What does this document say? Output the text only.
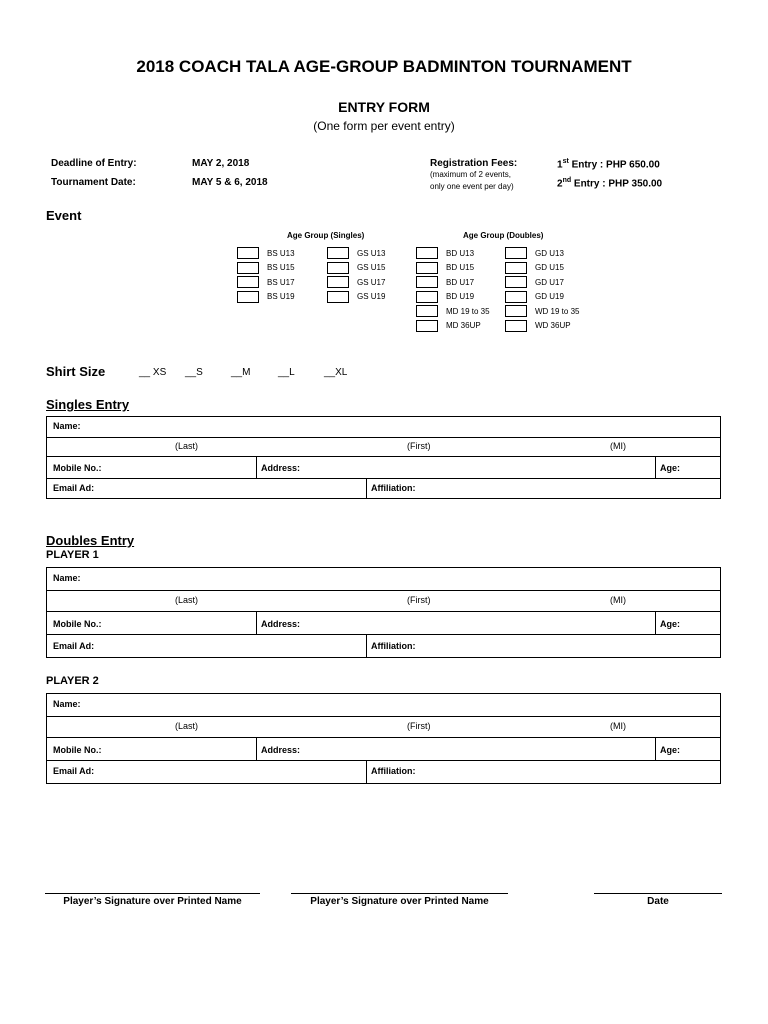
2018 COACH TALA AGE-GROUP BADMINTON TOURNAMENT
ENTRY FORM
(One form per event entry)
Deadline of Entry:	MAY 2, 2018
Tournament Date:	MAY 5 & 6, 2018
Registration Fees:
(maximum of 2 events,
only one event per day)
1st Entry : PHP 650.00
2nd Entry : PHP 350.00
Event
Age Group (Singles)	Age Group (Doubles)
BS U13
BS U15
BS U17
BS U19
GS U13
GS U15
GS U17
GS U19
BD U13
BD U15
BD U17
BD U19
MD 19 to 35
MD 36UP
GD U13
GD U15
GD U17
GD U19
WD 19 to 35
WD 36UP
Shirt Size	__ XS __S	__M	__L	__XL
Singles Entry
Name:
(Last)	(First)	(MI)
Mobile No.:	Address:	Age:
Email Ad:	Affiliation:
Doubles Entry
PLAYER 1
Name:
(Last)	(First)	(MI)
Mobile No.:	Address:	Age:
Email Ad:	Affiliation:
PLAYER 2
Name:
(Last)	(First)	(MI)
Mobile No.:	Address:	Age:
Email Ad:	Affiliation:
Player’s Signature over Printed Name	Player’s Signature over Printed Name	Date
